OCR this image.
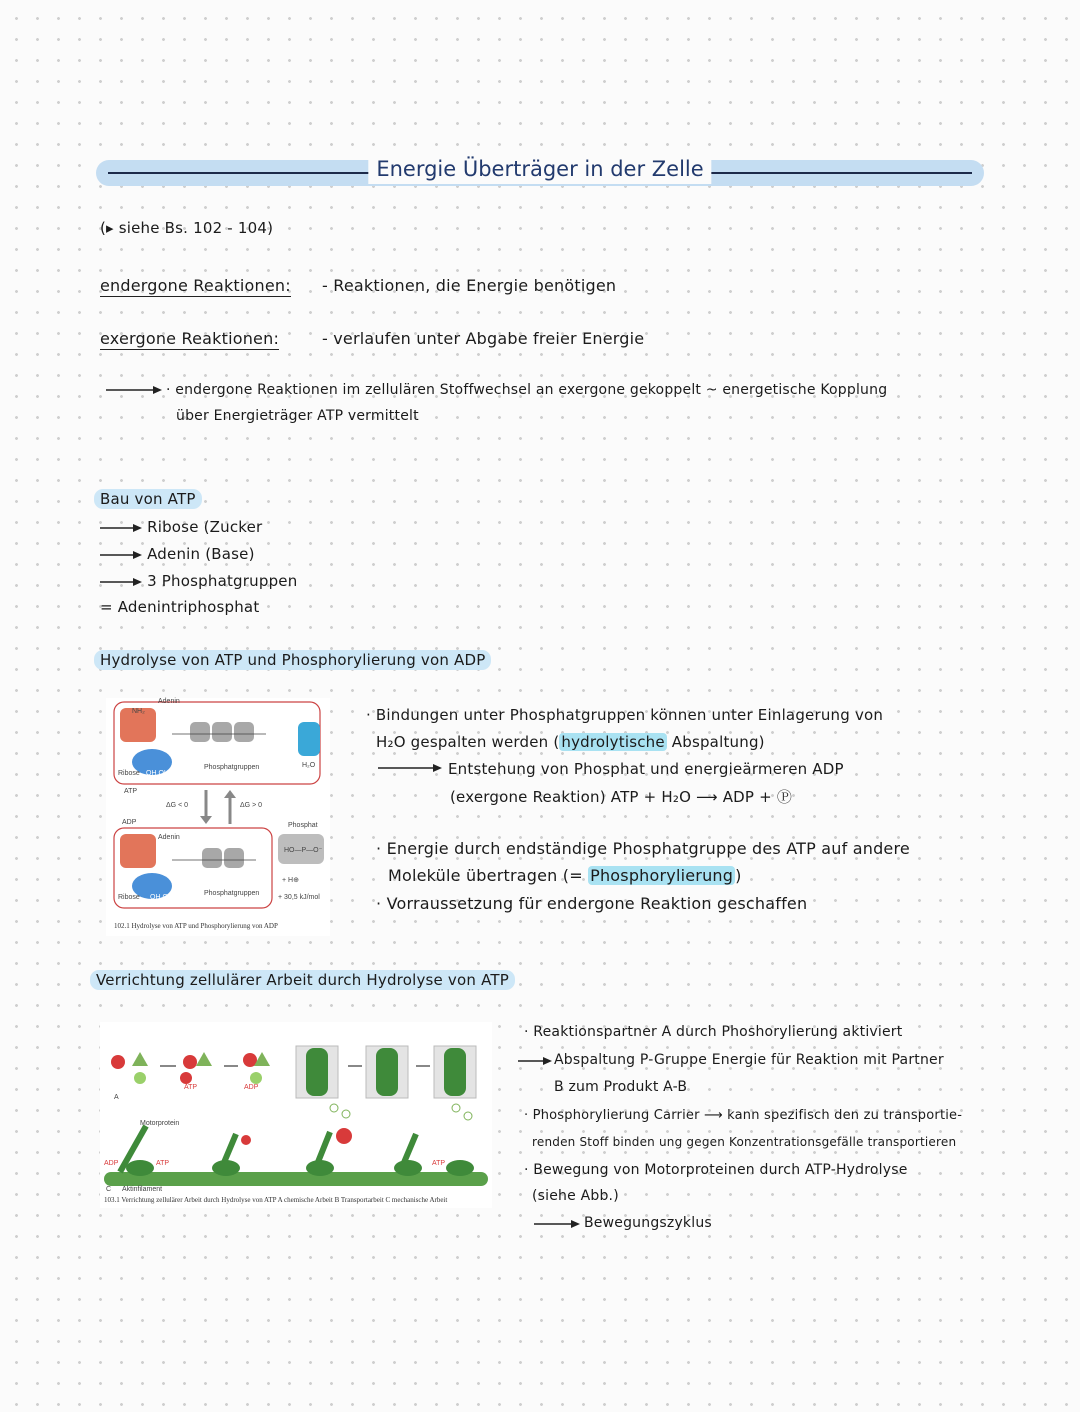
Energie Überträger in der Zelle
(▸ siehe Bs. 102 - 104)
endergone Reaktionen: - Reaktionen, die Energie benötigen
exergone Reaktionen:	- verlaufen unter Abgabe freier Energie
· endergone Reaktionen im zellulären Stoffwechsel an exergone gekoppelt ~ energetische Kopplung
über Energieträger ATP vermittelt
Bau von ATP
Ribose (Zucker
Adenin (Base)
3 Phosphatgruppen
= Adenintriphosphat
Hydrolyse von ATP und Phosphorylierung von ADP
NH₂
Adenin
Ribose OH OH
Phosphatgruppen	H₂O
ATP
ΔG < 0	ΔG > 0
ADP
Adenin
Phosphat
HO—P—O⁻
+ H⊕
+ 30,5 kJ/mol
Ribose OH OH
Phosphatgruppen
102.1 Hydrolyse von ATP und Phosphorylierung von ADP
· Bindungen unter Phosphatgruppen können unter Einlagerung von
H₂O gespalten werden ( hydrolytische Abspaltung)
Entstehung von Phosphat und energieärmeren ADP
(exergone Reaktion) ATP + H₂O ⟶ ADP + Ⓟ
· Energie durch endständige Phosphatgruppe des ATP auf andere
Moleküle übertragen (= Phosphorylierung )
· Vorraussetzung für endergone Reaktion geschaffen
Verrichtung zellulärer Arbeit durch Hydrolyse von ATP
ATP	ADP
A
Motorprotein
ADP	ATP	ATP
C Aktinfilament
103.1 Verrichtung zellulärer Arbeit durch Hydrolyse von ATP A chemische Arbeit B Transportarbeit C mechanische Arbeit
· Reaktionspartner A durch Phoshorylierung aktiviert
Abspaltung P-Gruppe Energie für Reaktion mit Partner
B zum Produkt A-B
· Phosphorylierung Carrier ⟶ kann spezifisch den zu transportie-
renden Stoff binden ung gegen Konzentrationsgefälle transportieren
· Bewegung von Motorproteinen durch ATP-Hydrolyse
(siehe Abb.)
Bewegungszyklus
